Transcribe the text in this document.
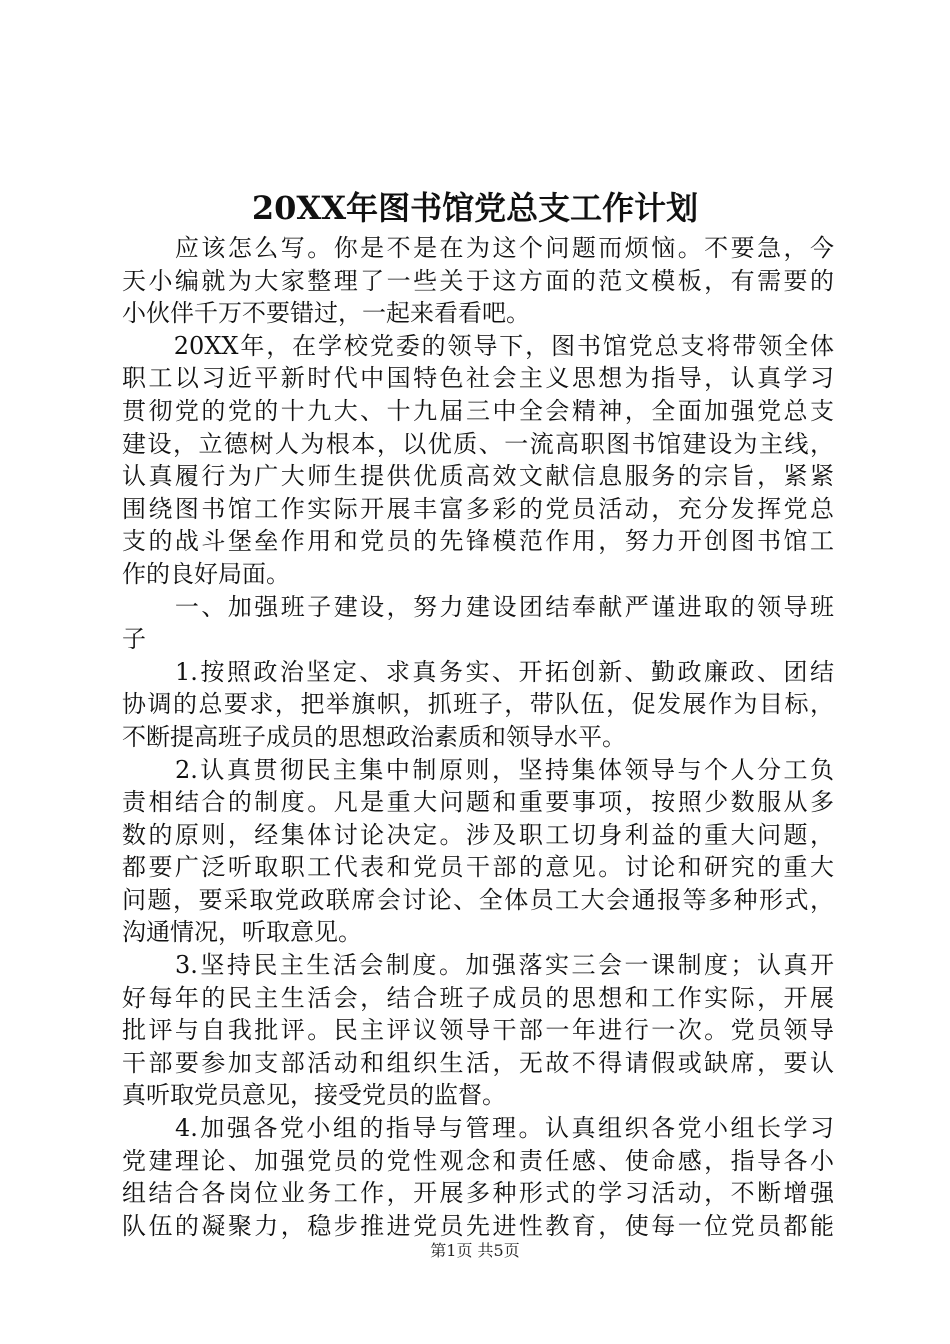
20XX年图书馆党总支工作计划
　　应该怎么写。你是不是在为这个问题而烦恼。不要急，今
天小编就为大家整理了一些关于这方面的范文模板，有需要的
小伙伴千万不要错过，一起来看看吧。
　　20XX年，在学校党委的领导下，图书馆党总支将带领全体
职工以习近平新时代中国特色社会主义思想为指导，认真学习
贯彻党的党的十九大、十九届三中全会精神，全面加强党总支
建设，立德树人为根本，以优质、一流高职图书馆建设为主线，
认真履行为广大师生提供优质高效文献信息服务的宗旨，紧紧
围绕图书馆工作实际开展丰富多彩的党员活动，充分发挥党总
支的战斗堡垒作用和党员的先锋模范作用，努力开创图书馆工
作的良好局面。
　　一、加强班子建设，努力建设团结奉献严谨进取的领导班
子
　　1.按照政治坚定、求真务实、开拓创新、勤政廉政、团结
协调的总要求，把举旗帜，抓班子，带队伍，促发展作为目标，
不断提高班子成员的思想政治素质和领导水平。
　　2.认真贯彻民主集中制原则，坚持集体领导与个人分工负
责相结合的制度。凡是重大问题和重要事项，按照少数服从多
数的原则，经集体讨论决定。涉及职工切身利益的重大问题，
都要广泛听取职工代表和党员干部的意见。讨论和研究的重大
问题，要采取党政联席会讨论、全体员工大会通报等多种形式，
沟通情况，听取意见。
　　3.坚持民主生活会制度。加强落实三会一课制度；认真开
好每年的民主生活会，结合班子成员的思想和工作实际，开展
批评与自我批评。民主评议领导干部一年进行一次。党员领导
干部要参加支部活动和组织生活，无故不得请假或缺席，要认
真听取党员意见，接受党员的监督。
　　4.加强各党小组的指导与管理。认真组织各党小组长学习
党建理论、加强党员的党性观念和责任感、使命感，指导各小
组结合各岗位业务工作，开展多种形式的学习活动，不断增强
队伍的凝聚力，稳步推进党员先进性教育，使每一位党员都能
第1页 共5页
